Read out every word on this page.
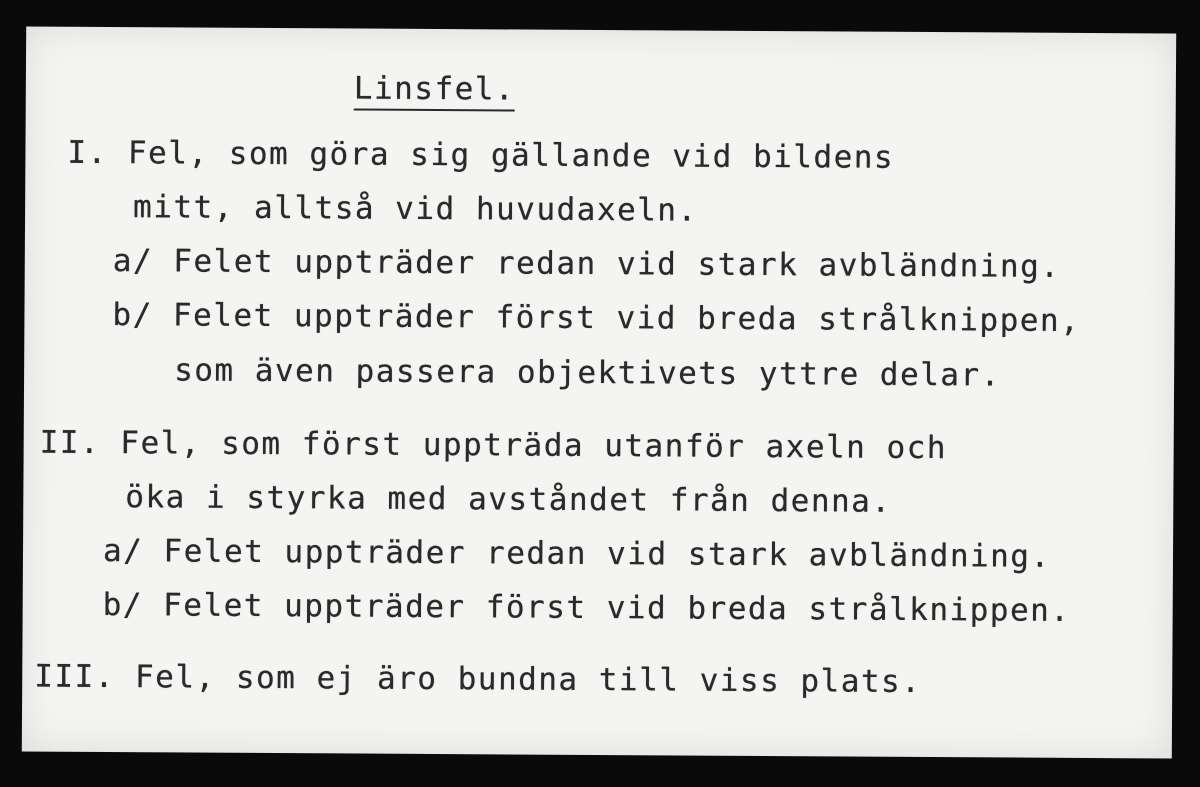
Linsfel.
I. Fel, som göra sig gällande vid bildens
mitt, alltså vid huvudaxeln.
a/ Felet uppträder redan vid stark avbländning.
b/ Felet uppträder först vid breda strålknippen,
som även passera objektivets yttre delar.
II. Fel, som först uppträda utanför axeln och
öka i styrka med avståndet från denna.
a/ Felet uppträder redan vid stark avbländning.
b/ Felet uppträder först vid breda strålknippen.
III. Fel, som ej äro bundna till viss plats.
